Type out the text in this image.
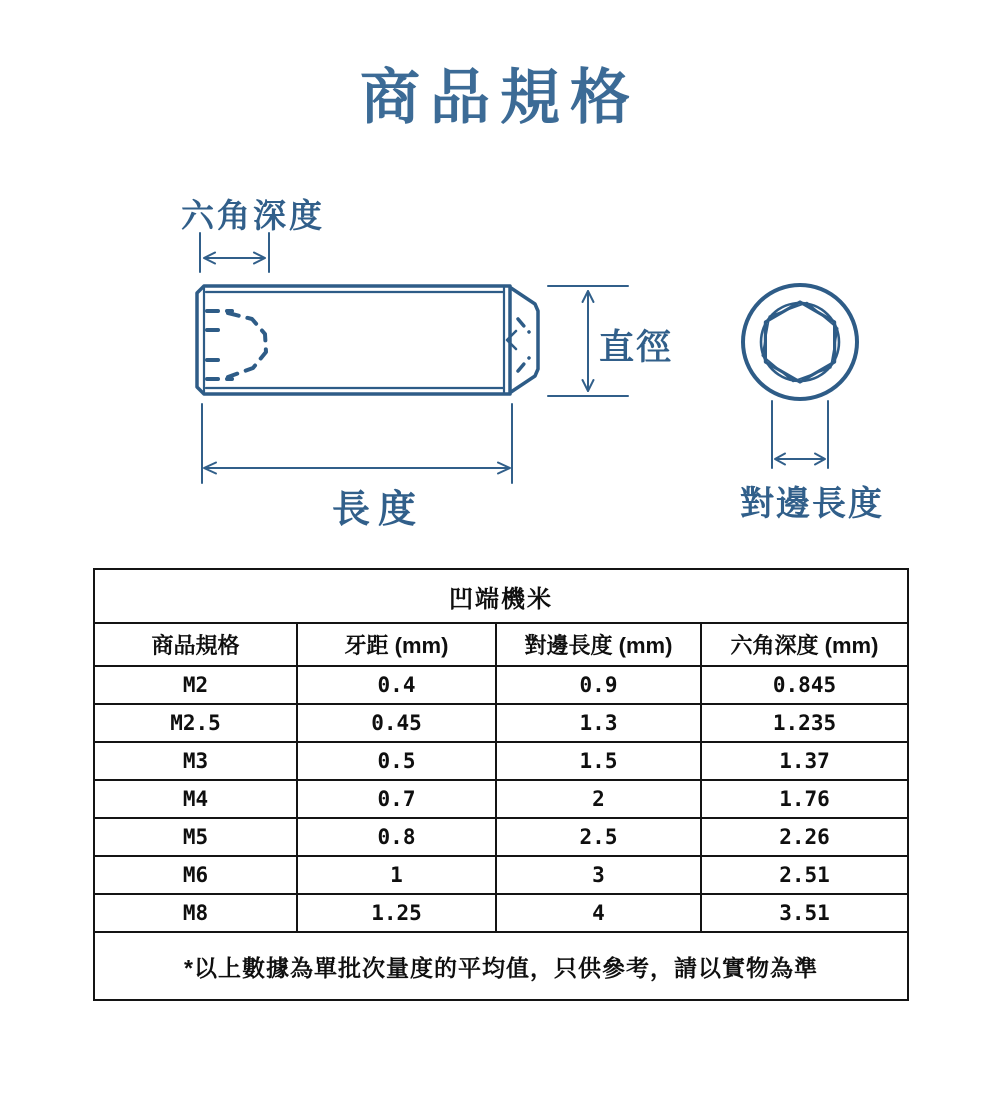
商品規格
六角深度
直徑
長度	對邊長度
凹端機米			
商品規格	牙距 (mm)	對邊長度 (mm)	六角深度 (mm)
M2	0.4	0.9	0.845
M2.5	0.45	1.3	1.235
M3	0.5	1.5	1.37
M4	0.7	2	1.76
M5	0.8	2.5	2.26
M6	1	3	2.51
M8	1.25	4	3.51
*以上數據為單批次量度的平均值，只供參考，請以實物為準			
